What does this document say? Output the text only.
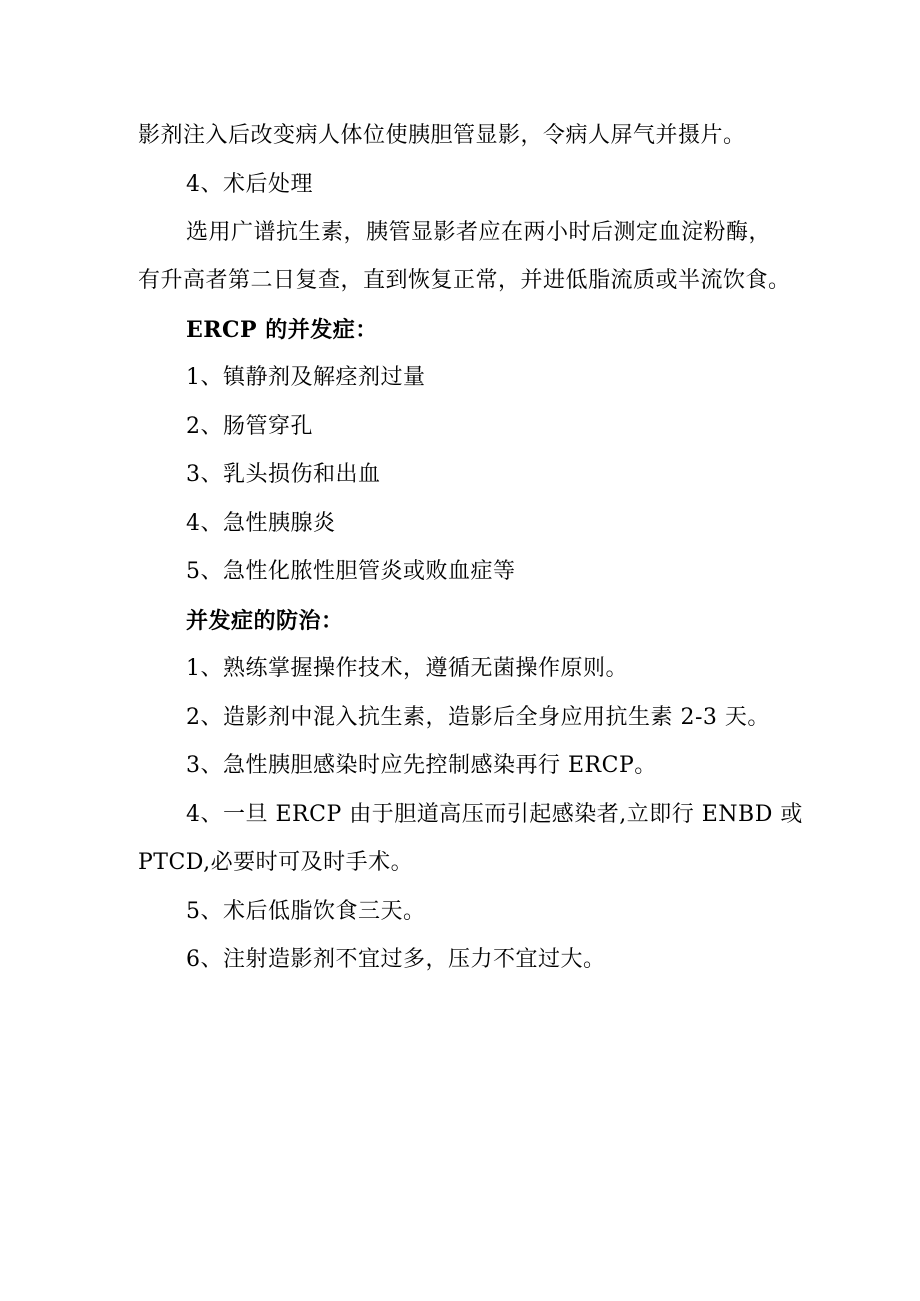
影剂注入后改变病人体位使胰胆管显影，令病人屏气并摄片。
4、术后处理
选用广谱抗生素，胰管显影者应在两小时后测定血淀粉酶，
有升高者第二日复查，直到恢复正常，并进低脂流质或半流饮食。
ERCP 的并发症：
1、镇静剂及解痉剂过量
2、肠管穿孔
3、乳头损伤和出血
4、急性胰腺炎
5、急性化脓性胆管炎或败血症等
并发症的防治：
1、熟练掌握操作技术，遵循无菌操作原则。
2、造影剂中混入抗生素，造影后全身应用抗生素 2-3 天。
3、急性胰胆感染时应先控制感染再行 ERCP。
4、一旦 ERCP 由于胆道高压而引起感染者,立即行 ENBD 或
PTCD,必要时可及时手术。
5、术后低脂饮食三天。
6、注射造影剂不宜过多，压力不宜过大。
